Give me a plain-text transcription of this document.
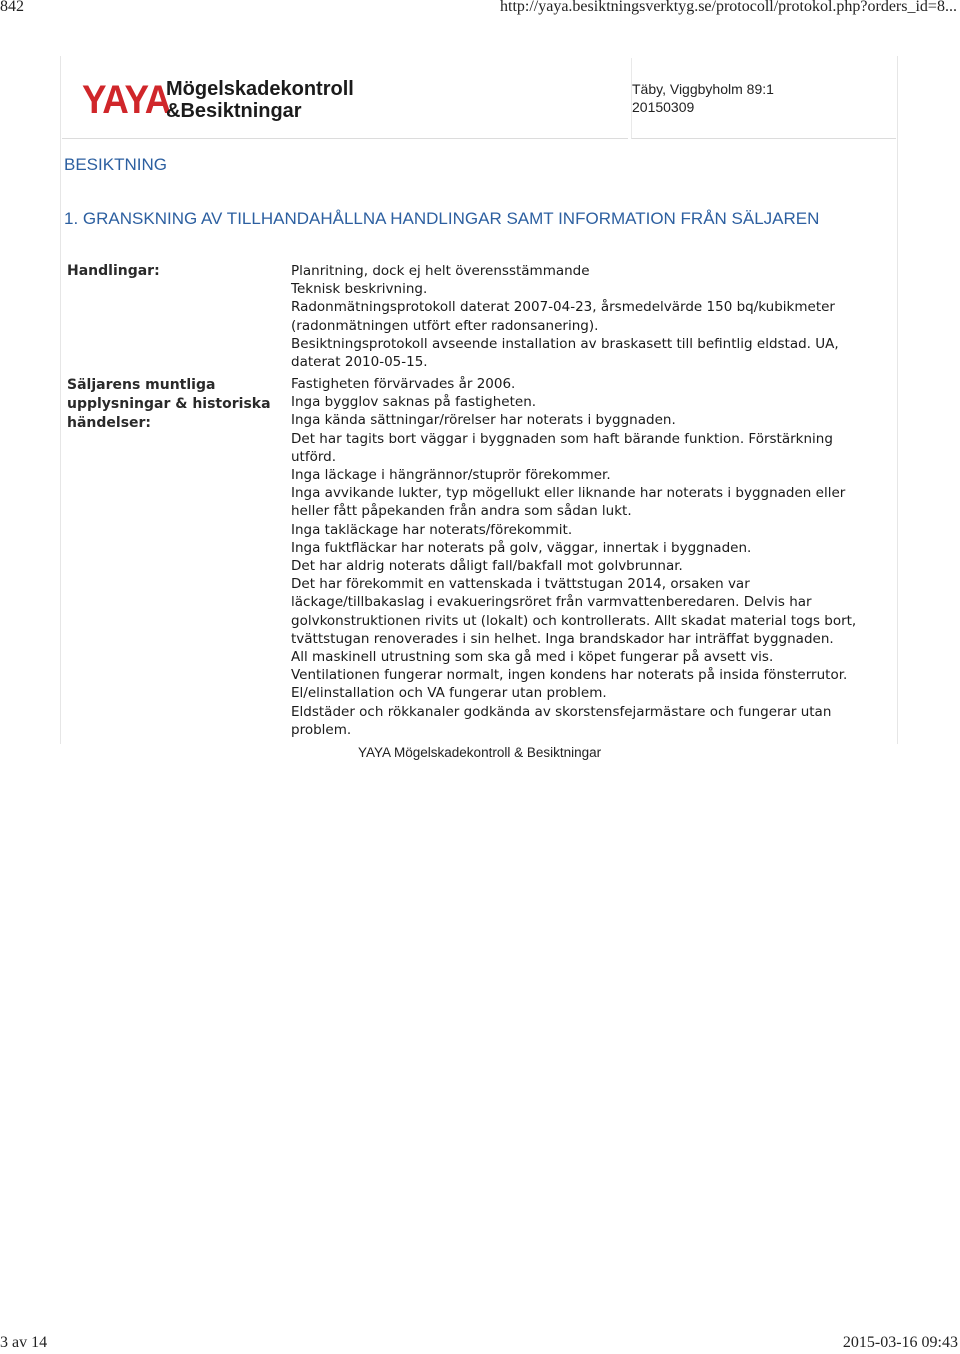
842	http://yaya.besiktningsverktyg.se/protocoll/protokol.php?orders_id=8...
YAYA
Mögelskadekontroll
&Besiktningar
Täby, Viggbyholm 89:1
20150309
BESIKTNING
1. GRANSKNING AV TILLHANDAHÅLLNA HANDLINGAR SAMT INFORMATION FRÅN SÄLJAREN
Handlingar:	Planritning, dock ej helt överensstämmande
Teknisk beskrivning.
Radonmätningsprotokoll daterat 2007-04-23, årsmedelvärde 150 bq/kubikmeter
(radonmätningen utfört efter radonsanering).
Besiktningsprotokoll avseende installation av braskasett till befintlig eldstad. UA,
daterat 2010-05-15.
Säljarens muntliga
upplysningar & historiska
händelser:
Fastigheten förvärvades år 2006.
Inga bygglov saknas på fastigheten.
Inga kända sättningar/rörelser har noterats i byggnaden.
Det har tagits bort väggar i byggnaden som haft bärande funktion. Förstärkning
utförd.
Inga läckage i hängrännor/stuprör förekommer.
Inga avvikande lukter, typ mögellukt eller liknande har noterats i byggnaden eller
heller fått påpekanden från andra som sådan lukt.
Inga takläckage har noterats/förekommit.
Inga fuktfläckar har noterats på golv, väggar, innertak i byggnaden.
Det har aldrig noterats dåligt fall/bakfall mot golvbrunnar.
Det har förekommit en vattenskada i tvättstugan 2014, orsaken var
läckage/tillbakaslag i evakueringsröret från varmvattenberedaren. Delvis har
golvkonstruktionen rivits ut (lokalt) och kontrollerats. Allt skadat material togs bort,
tvättstugan renoverades i sin helhet. Inga brandskador har inträffat byggnaden.
All maskinell utrustning som ska gå med i köpet fungerar på avsett vis.
Ventilationen fungerar normalt, ingen kondens har noterats på insida fönsterrutor.
El/elinstallation och VA fungerar utan problem.
Eldstäder och rökkanaler godkända av skorstensfejarmästare och fungerar utan
problem.
YAYA Mögelskadekontroll & Besiktningar
3 av 14	2015-03-16 09:43
